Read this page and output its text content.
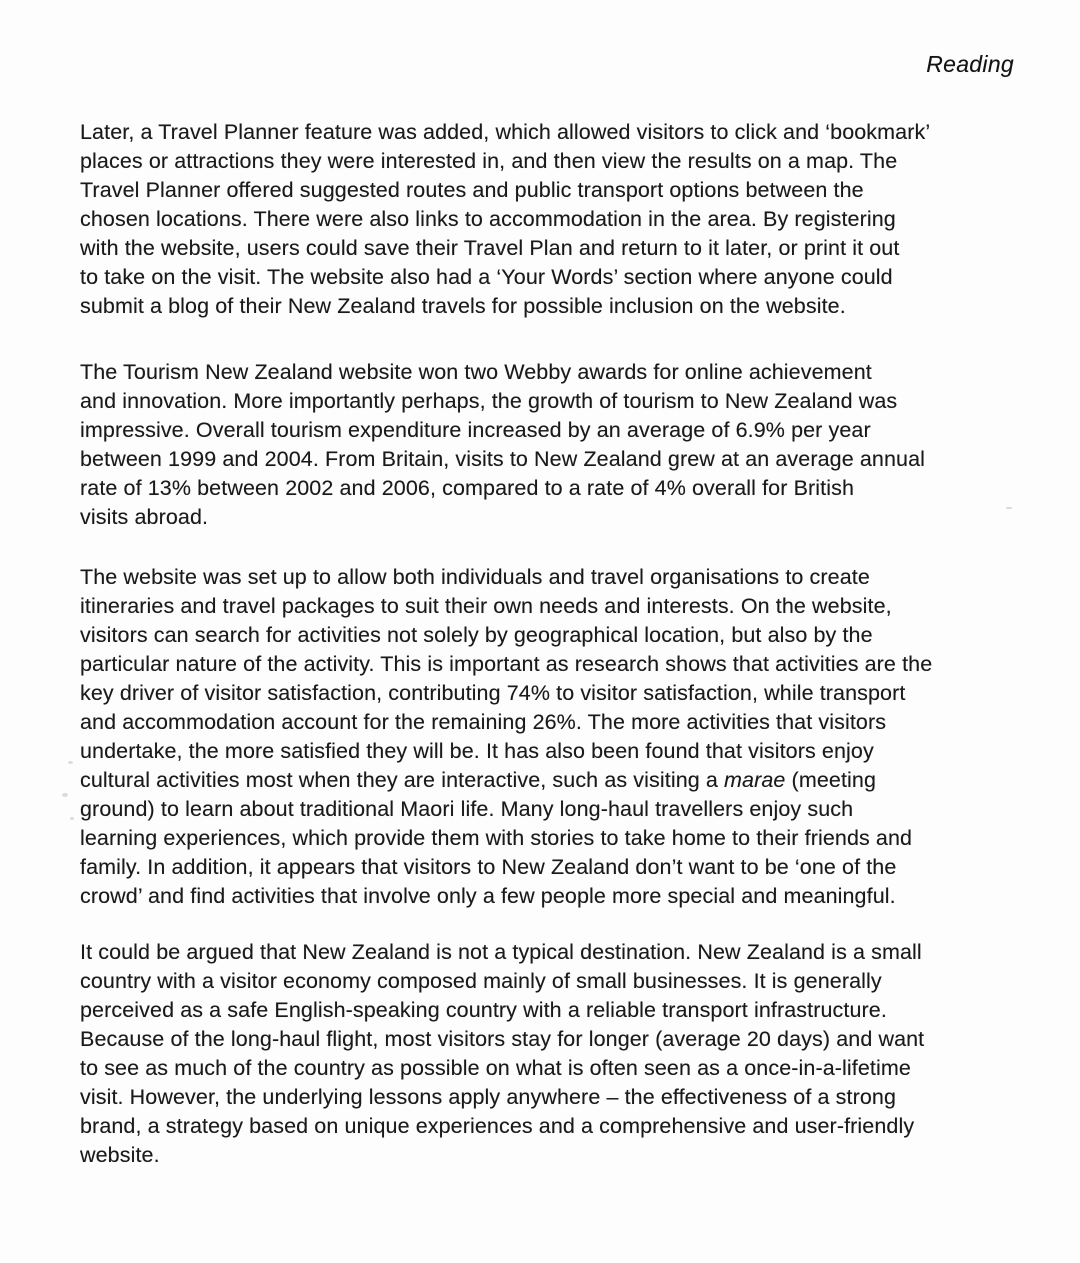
Reading
Later, a Travel Planner feature was added, which allowed visitors to click and ‘bookmark’
places or attractions they were interested in, and then view the results on a map. The
Travel Planner offered suggested routes and public transport options between the
chosen locations. There were also links to accommodation in the area. By registering
with the website, users could save their Travel Plan and return to it later, or print it out
to take on the visit. The website also had a ‘Your Words’ section where anyone could
submit a blog of their New Zealand travels for possible inclusion on the website.
The Tourism New Zealand website won two Webby awards for online achievement
and innovation. More importantly perhaps, the growth of tourism to New Zealand was
impressive. Overall tourism expenditure increased by an average of 6.9% per year
between 1999 and 2004. From Britain, visits to New Zealand grew at an average annual
rate of 13% between 2002 and 2006, compared to a rate of 4% overall for British
visits abroad.
The website was set up to allow both individuals and travel organisations to create
itineraries and travel packages to suit their own needs and interests. On the website,
visitors can search for activities not solely by geographical location, but also by the
particular nature of the activity. This is important as research shows that activities are the
key driver of visitor satisfaction, contributing 74% to visitor satisfaction, while transport
and accommodation account for the remaining 26%. The more activities that visitors
undertake, the more satisfied they will be. It has also been found that visitors enjoy
cultural activities most when they are interactive, such as visiting a marae (meeting
ground) to learn about traditional Maori life. Many long-haul travellers enjoy such
learning experiences, which provide them with stories to take home to their friends and
family. In addition, it appears that visitors to New Zealand don’t want to be ‘one of the
crowd’ and find activities that involve only a few people more special and meaningful.
It could be argued that New Zealand is not a typical destination. New Zealand is a small
country with a visitor economy composed mainly of small businesses. It is generally
perceived as a safe English-speaking country with a reliable transport infrastructure.
Because of the long-haul flight, most visitors stay for longer (average 20 days) and want
to see as much of the country as possible on what is often seen as a once-in-a-lifetime
visit. However, the underlying lessons apply anywhere – the effectiveness of a strong
brand, a strategy based on unique experiences and a comprehensive and user-friendly
website.
